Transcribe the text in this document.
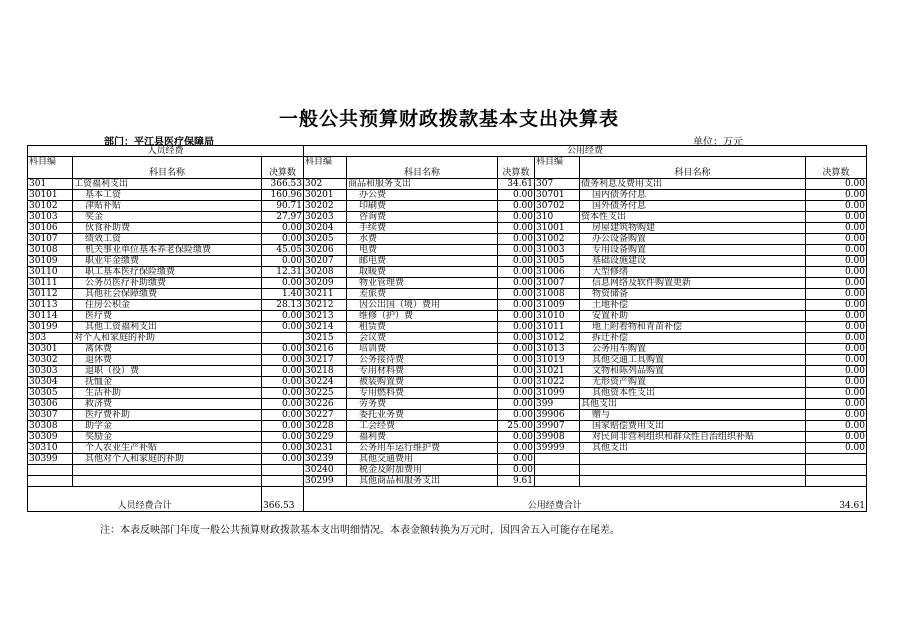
一般公共预算财政拨款基本支出决算表
部门：平江县医疗保障局	单位：万元
人员经费			公用经费					
科目编	科目名称	决算数	科目编	科目名称	决算数	科目编	科目名称	决算数
301	工资福利支出	366.53	302	商品和服务支出	34.61	307	债务利息及费用支出	0.00
30101	基本工资	160.96	30201	办公费	0.00	30701	国内债务付息	0.00
30102	津贴补贴	90.71	30202	印刷费	0.00	30702	国外债务付息	0.00
30103	奖金	27.97	30203	咨询费	0.00	310	资本性支出	0.00
30106	伙食补助费	0.00	30204	手续费	0.00	31001	房屋建筑物购建	0.00
30107	绩效工资	0.00	30205	水费	0.00	31002	办公设备购置	0.00
30108	机关事业单位基本养老保险缴费	45.05	30206	电费	0.00	31003	专用设备购置	0.00
30109	职业年金缴费	0.00	30207	邮电费	0.00	31005	基础设施建设	0.00
30110	职工基本医疗保险缴费	12.31	30208	取暖费	0.00	31006	大型修缮	0.00
30111	公务员医疗补助缴费	0.00	30209	物业管理费	0.00	31007	信息网络及软件购置更新	0.00
30112	其他社会保障缴费	1.40	30211	差旅费	0.00	31008	物资储备	0.00
30113	住房公积金	28.13	30212	因公出国（境）费用	0.00	31009	土地补偿	0.00
30114	医疗费	0.00	30213	维修（护）费	0.00	31010	安置补助	0.00
30199	其他工资福利支出	0.00	30214	租赁费	0.00	31011	地上附着物和青苗补偿	0.00
303	对个人和家庭的补助		30215	会议费	0.00	31012	拆迁补偿	0.00
30301	离休费	0.00	30216	培训费	0.00	31013	公务用车购置	0.00
30302	退休费	0.00	30217	公务接待费	0.00	31019	其他交通工具购置	0.00
30303	退职（役）费	0.00	30218	专用材料费	0.00	31021	文物和陈列品购置	0.00
30304	抚恤金	0.00	30224	被装购置费	0.00	31022	无形资产购置	0.00
30305	生活补助	0.00	30225	专用燃料费	0.00	31099	其他资本性支出	0.00
30306	救济费	0.00	30226	劳务费	0.00	399	其他支出	0.00
30307	医疗费补助	0.00	30227	委托业务费	0.00	39906	赠与	0.00
30308	助学金	0.00	30228	工会经费	25.00	39907	国家赔偿费用支出	0.00
30309	奖励金	0.00	30229	福利费	0.00	39908	对民间非营利组织和群众性自治组织补贴	0.00
30310	个人农业生产补贴	0.00	30231	公务用车运行维护费	0.00	39999	其他支出	0.00
30399	其他对个人和家庭的补助	0.00	30239	其他交通费用	0.00			
			30240	税金及附加费用	0.00			
			30299	其他商品和服务支出	9.61			
人员经费合计		366.53	公用经费合计					34.61
注：本表反映部门年度一般公共预算财政拨款基本支出明细情况。本表金额转换为万元时，因四舍五入可能存在尾差。
